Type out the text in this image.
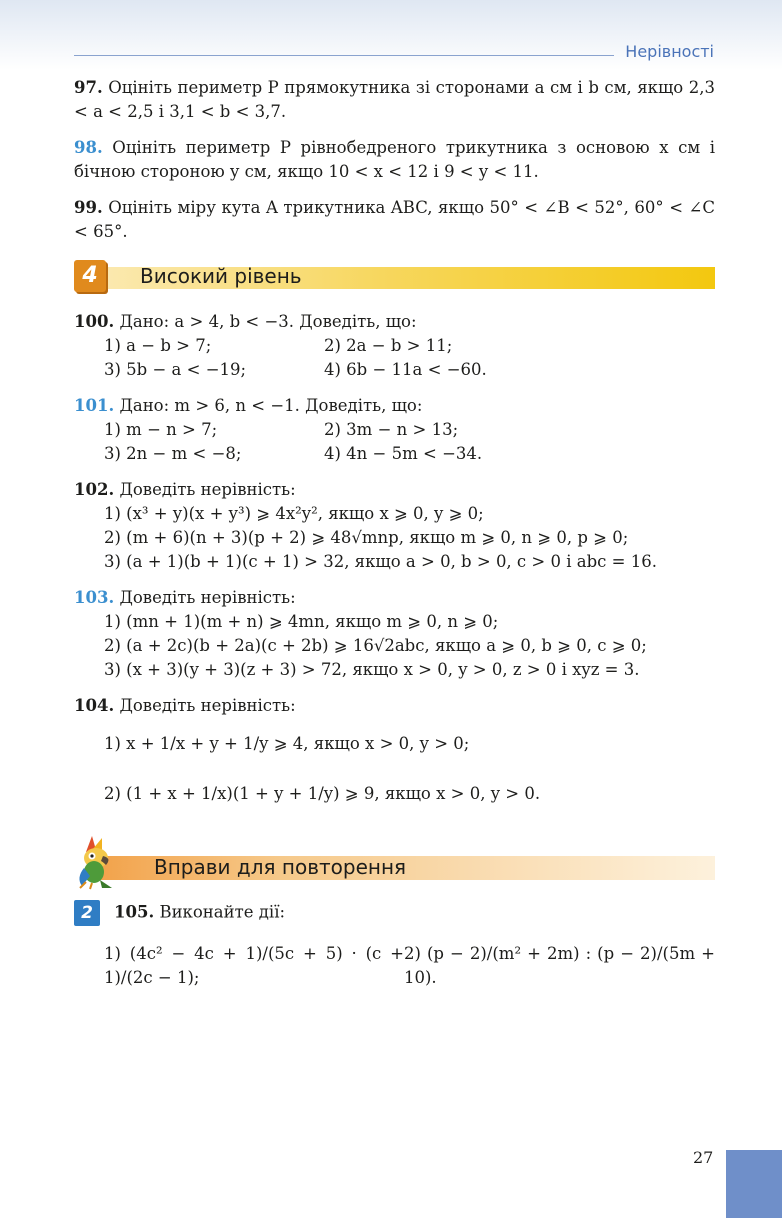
Нерівності
97. Оцініть периметр P прямокутника зі сторонами a см і b см, якщо 2,3 < a < 2,5 і 3,1 < b < 3,7.
98. Оцініть периметр P рівнобедреного трикутника з основою x см і бічною стороною y см, якщо 10 < x < 12 і 9 < y < 11.
99. Оцініть міру кута A трикутника ABC, якщо 50° < ∠B < 52°, 60° < ∠C < 65°.
4	Високий рівень
100. Дано: a > 4, b < −3. Доведіть, що:
1) a − b > 7;	2) 2a − b > 11;
3) 5b − a < −19;	4) 6b − 11a < −60.
101. Дано: m > 6, n < −1. Доведіть, що:
1) m − n > 7;	2) 3m − n > 13;
3) 2n − m < −8;	4) 4n − 5m < −34.
102. Доведіть нерівність:
1) (x³ + y)(x + y³) ⩾ 4x²y², якщо x ⩾ 0, y ⩾ 0;
2) (m + 6)(n + 3)(p + 2) ⩾ 48√mnp, якщо m ⩾ 0, n ⩾ 0, p ⩾ 0;
3) (a + 1)(b + 1)(c + 1) > 32, якщо a > 0, b > 0, c > 0 і abc = 16.
103. Доведіть нерівність:
1) (mn + 1)(m + n) ⩾ 4mn, якщо m ⩾ 0, n ⩾ 0;
2) (a + 2c)(b + 2a)(c + 2b) ⩾ 16√2abc, якщо a ⩾ 0, b ⩾ 0, c ⩾ 0;
3) (x + 3)(y + 3)(z + 3) > 72, якщо x > 0, y > 0, z > 0 і xyz = 3.
104. Доведіть нерівність:
1) x + 1/x + y + 1/y ⩾ 4, якщо x > 0, y > 0;
2) (1 + x + 1/x)(1 + y + 1/y) ⩾ 9, якщо x > 0, y > 0.
Вправи для повторення
2 105. Виконайте дії:
1) (4c² − 4c + 1)/(5c + 5) · (c + 1)/(2c − 1);
2) (p − 2)/(m² + 2m) : (p − 2)/(5m + 10).
27
